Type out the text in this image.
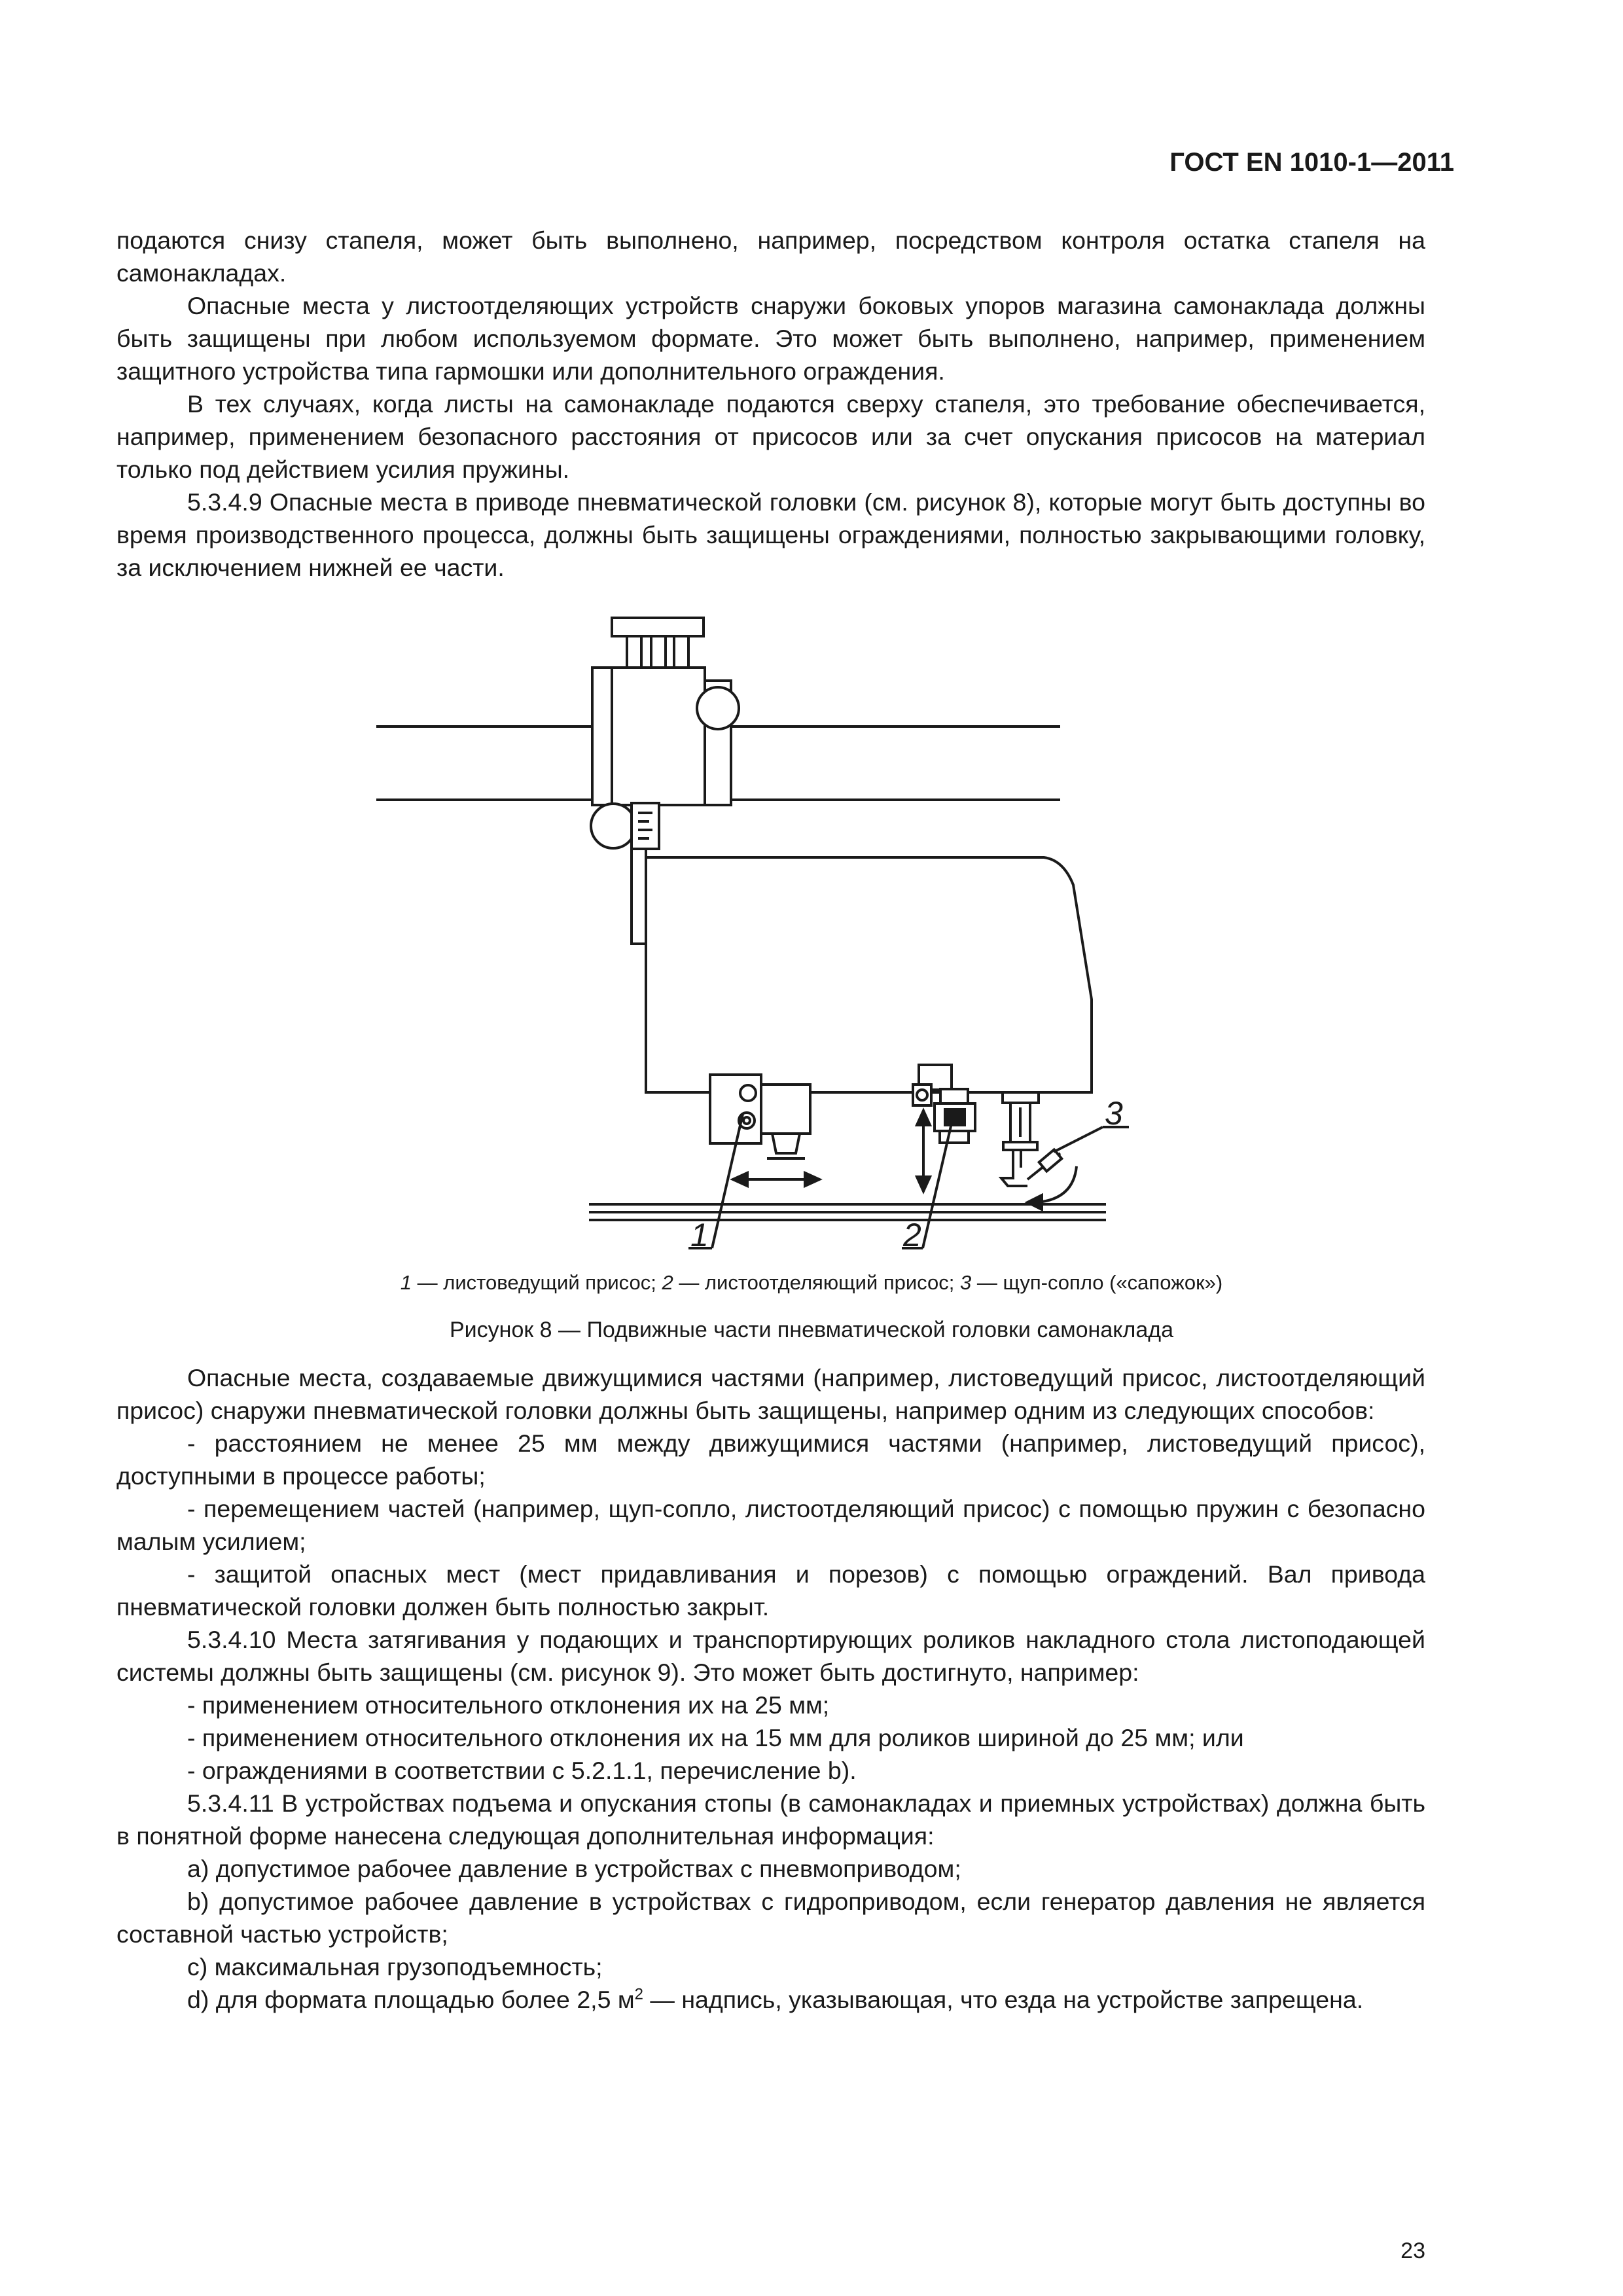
ГОСТ EN 1010-1—2011

подаются снизу стапеля, может быть выполнено, например, посредством контроля остатка стапеля на самонакладах.

Опасные места у листоотделяющих устройств снаружи боковых упоров магазина самонаклада должны быть защищены при любом используемом формате. Это может быть выполнено, например, применением защитного устройства типа гармошки или дополнительного ограждения.

В тех случаях, когда листы на самонакладе подаются сверху стапеля, это требование обеспечивается, например, применением безопасного расстояния от присосов или за счет опускания присосов на материал только под действием усилия пружины.

5.3.4.9 Опасные места в приводе пневматической головки (см. рисунок 8), которые могут быть доступны во время производственного процесса, должны быть защищены ограждениями, полностью закрывающими головку, за исключением нижней ее части.

1	2
3
1 — листоведущий присос; 2 — листоотделяющий присос; 3 — щуп-сопло («сапожок»)
Рисунок 8 — Подвижные части пневматической головки самонаклада

Опасные места, создаваемые движущимися частями (например, листоведущий присос, листоотделяющий присос) снаружи пневматической головки должны быть защищены, например одним из следующих способов:

- расстоянием не менее 25 мм между движущимися частями (например, листоведущий присос), доступными в процессе работы;

- перемещением частей (например, щуп-сопло, листоотделяющий присос) с помощью пружин с безопасно малым усилием;

- защитой опасных мест (мест придавливания и порезов) с помощью ограждений. Вал привода пневматической головки должен быть полностью закрыт.

5.3.4.10 Места затягивания у подающих и транспортирующих роликов накладного стола листоподающей системы должны быть защищены (см. рисунок 9). Это может быть достигнуто, например:

- применением относительного отклонения их на 25 мм;

- применением относительного отклонения их на 15 мм для роликов шириной до 25 мм; или

- ограждениями в соответствии с 5.2.1.1, перечисление b).

5.3.4.11 В устройствах подъема и опускания стопы (в самонакладах и приемных устройствах) должна быть в понятной форме нанесена следующая дополнительная информация:

a) допустимое рабочее давление в устройствах с пневмоприводом;

b) допустимое рабочее давление в устройствах с гидроприводом, если генератор давления не является составной частью устройств;

c) максимальная грузоподъемность;

d) для формата площадью более 2,5 $м^2$ — надпись, указывающая, что езда на устройстве запрещена.

23
